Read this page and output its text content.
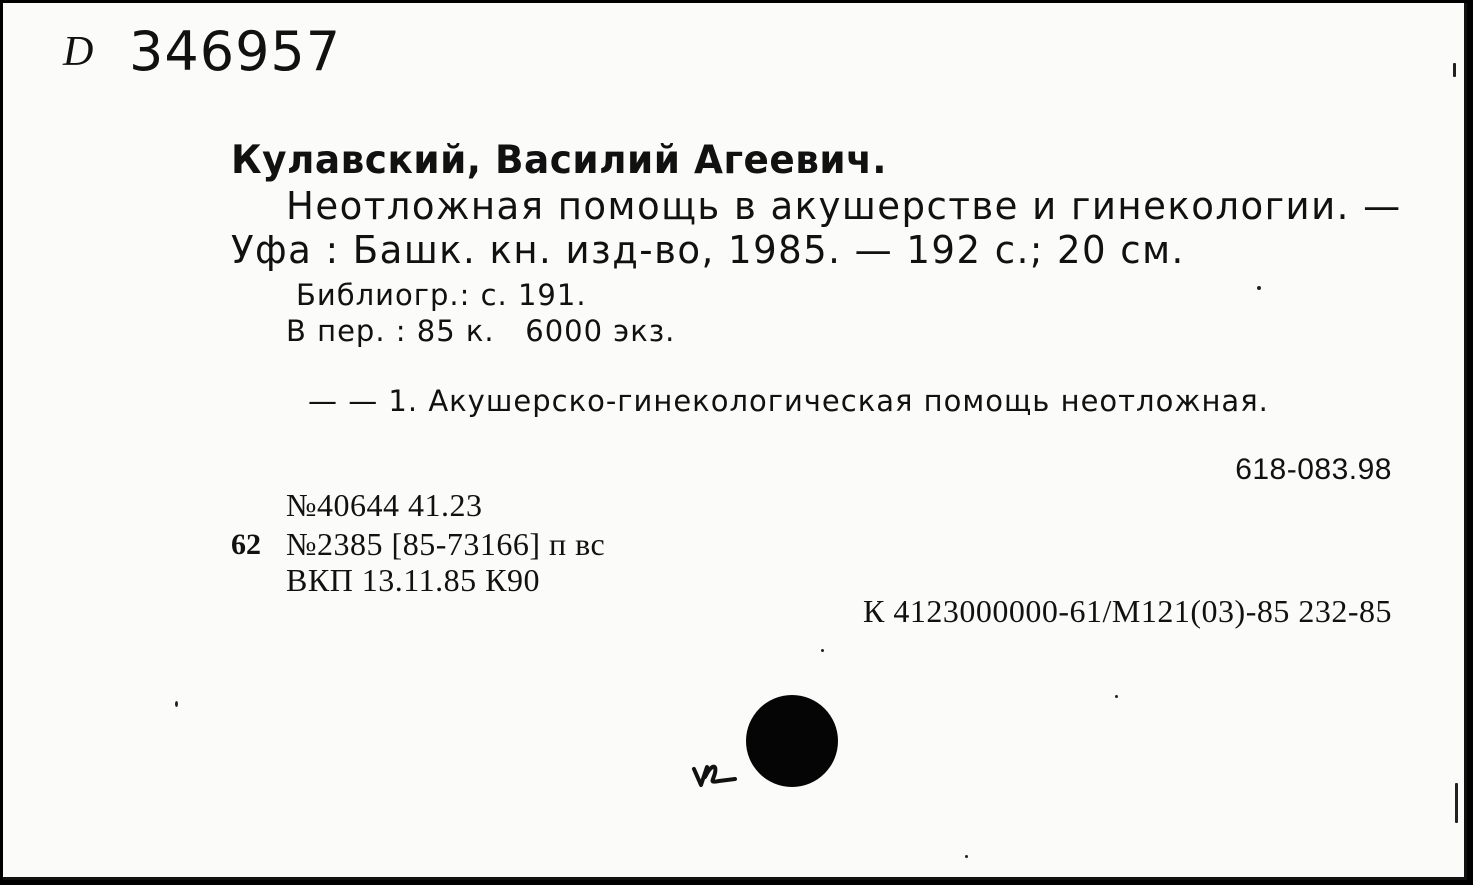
D 346957
Кулавский, Василий Агеевич.
Неотложная помощь в акушерстве и гинекологии. —
Уфа : Башк. кн. изд-во, 1985. — 192 с.; 20 см.
Библиогр.: с. 191.
В пер. : 85 к.   6000 экз.
— — 1. Акушерско-гинекологическая помощь неотложная.
618-083.98
№40644 41.23
62 №2385 [85-73166] п вс
ВКП 13.11.85 К90
К 4123000000-61/М121(03)-85 232-85
